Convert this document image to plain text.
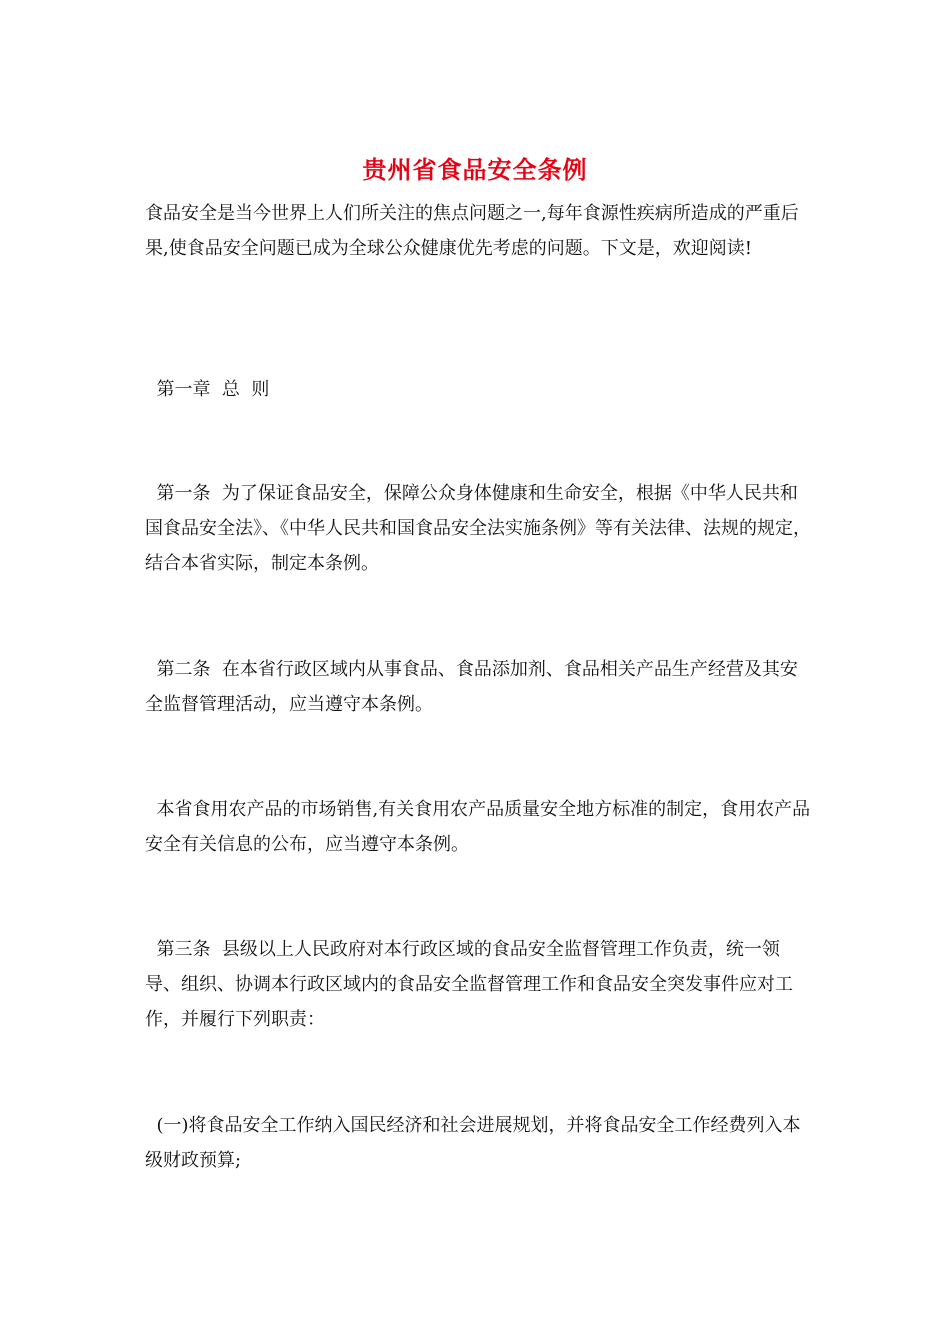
贵州省食品安全条例

食品安全是当今世界上人们所关注的焦点问题之一,每年食源性疾病所造成的严重后果,使食品安全问题已成为全球公众健康优先考虑的问题。下文是，欢迎阅读!

第一章  总  则

第一条  为了保证食品安全，保障公众身体健康和生命安全，根据《中华人民共和国食品安全法》、《中华人民共和国食品安全法实施条例》等有关法律、法规的规定，结合本省实际，制定本条例。

第二条  在本省行政区域内从事食品、食品添加剂、食品相关产品生产经营及其安全监督管理活动，应当遵守本条例。

本省食用农产品的市场销售,有关食用农产品质量安全地方标准的制定，食用农产品安全有关信息的公布，应当遵守本条例。

第三条  县级以上人民政府对本行政区域的食品安全监督管理工作负责，统一领导、组织、协调本行政区域内的食品安全监督管理工作和食品安全突发事件应对工作，并履行下列职责：

(一)将食品安全工作纳入国民经济和社会进展规划，并将食品安全工作经费列入本级财政预算;
